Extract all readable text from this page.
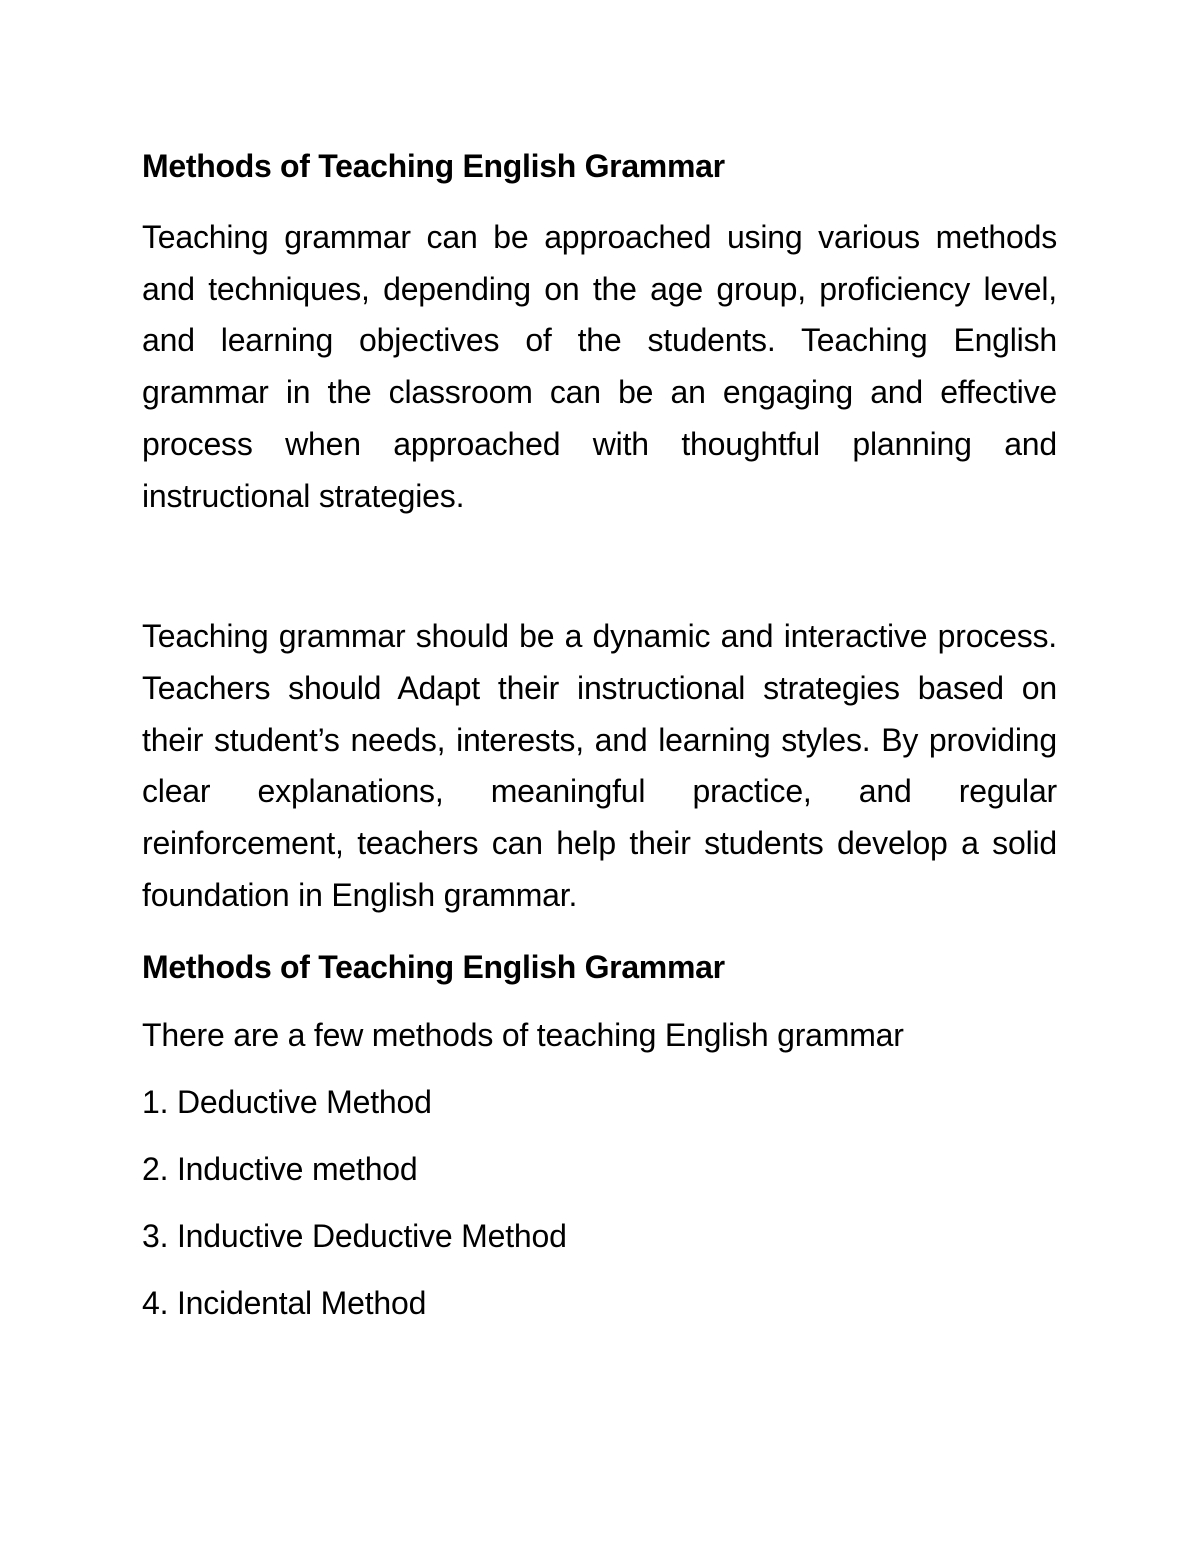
Methods of Teaching English Grammar

Teaching grammar can be approached using various methods and techniques, depending on the age group, proficiency level, and learning objectives of the students. Teaching English grammar in the classroom can be an engaging and effective process when approached with thoughtful planning and instructional strategies.

Teaching grammar should be a dynamic and interactive process. Teachers should Adapt their instructional strategies based on their student’s needs, interests, and learning styles. By providing clear explanations, meaningful practice, and regular reinforcement, teachers can help their students develop a solid foundation in English grammar.

Methods of Teaching English Grammar

There are a few methods of teaching English grammar

1. Deductive Method
2. Inductive method
3. Inductive Deductive Method
4. Incidental Method
